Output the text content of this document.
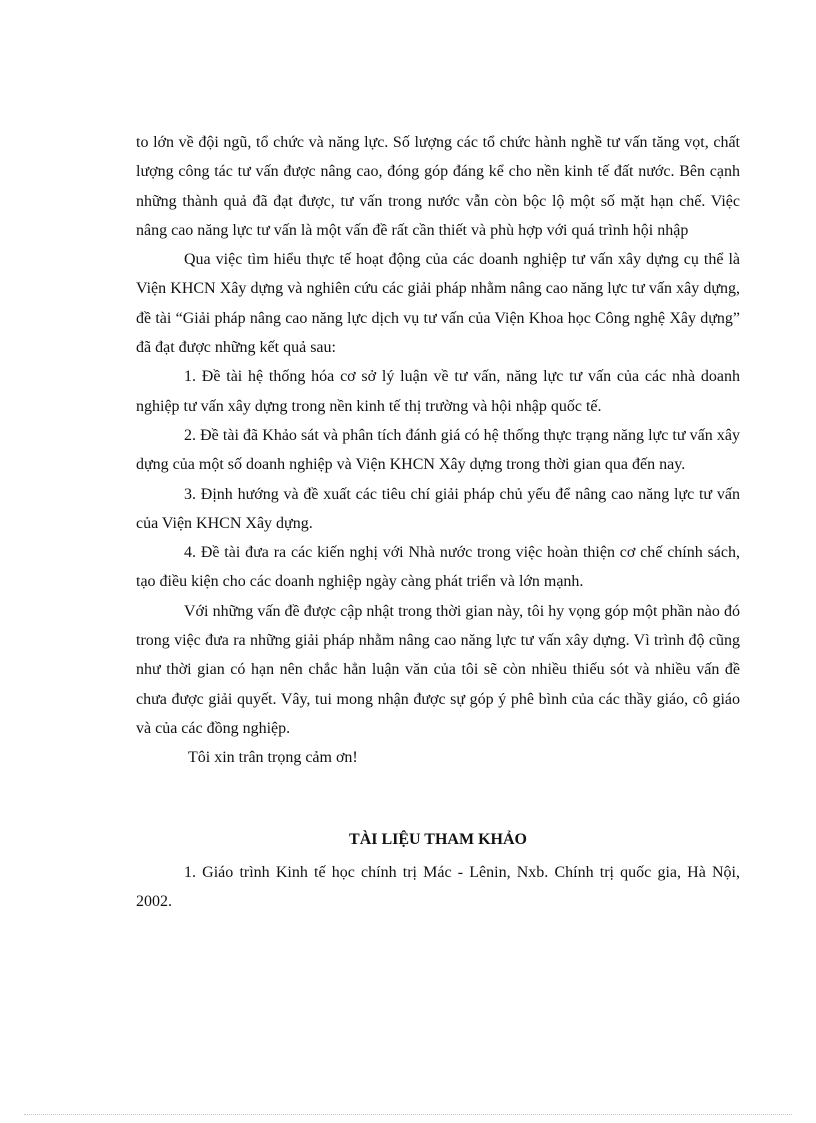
to lớn về đội ngũ, tổ chức và năng lực. Số lượng các tổ chức hành nghề tư vấn tăng vọt, chất lượng công tác tư vấn được nâng cao, đóng góp đáng kể cho nền kinh tế đất nước. Bên cạnh những thành quả đã đạt được, tư vấn trong nước vẫn còn bộc lộ một số mặt hạn chế. Việc nâng cao năng lực tư vấn là một vấn đề rất cần thiết và phù hợp với quá trình hội nhập

Qua việc tìm hiểu thực tế hoạt động của các doanh nghiệp tư vấn xây dựng cụ thể là Viện KHCN Xây dựng và nghiên cứu các giải pháp nhằm nâng cao năng lực tư vấn xây dựng, đề tài “Giải pháp nâng cao năng lực dịch vụ tư vấn của Viện Khoa học Công nghệ Xây dựng” đã đạt được những kết quả sau:

1. Đề tài hệ thống hóa cơ sở lý luận về tư vấn, năng lực tư vấn của các nhà doanh nghiệp tư vấn xây dựng trong nền kinh tế thị trường và hội nhập quốc tế.

2. Đề tài đã Khảo sát và phân tích đánh giá có hệ thống thực trạng năng lực tư vấn xây dựng của một số doanh nghiệp và Viện KHCN Xây dựng trong thời gian qua đến nay.

3. Định hướng và đề xuất các tiêu chí giải pháp chủ yếu để nâng cao năng lực tư vấn của Viện KHCN Xây dựng.

4. Đề tài đưa ra các kiến nghị với Nhà nước trong việc hoàn thiện cơ chế chính sách, tạo điều kiện cho các doanh nghiệp ngày càng phát triển và lớn mạnh.

Với những vấn đề được cập nhật trong thời gian này, tôi hy vọng góp một phần nào đó trong việc đưa ra những giải pháp nhằm nâng cao năng lực tư vấn xây dựng. Vì trình độ cũng như thời gian có hạn nên chắc hẳn luận văn của tôi sẽ còn nhiều thiếu sót và nhiều vấn đề chưa được giải quyết. Vây, tui mong nhận được sự góp ý phê bình của các thầy giáo, cô giáo và của các đồng nghiệp.

Tôi xin trân trọng cảm ơn!

TÀI LIỆU THAM KHẢO

1. Giáo trình Kinh tế học chính trị Mác - Lênin, Nxb. Chính trị quốc gia, Hà Nội, 2002.
